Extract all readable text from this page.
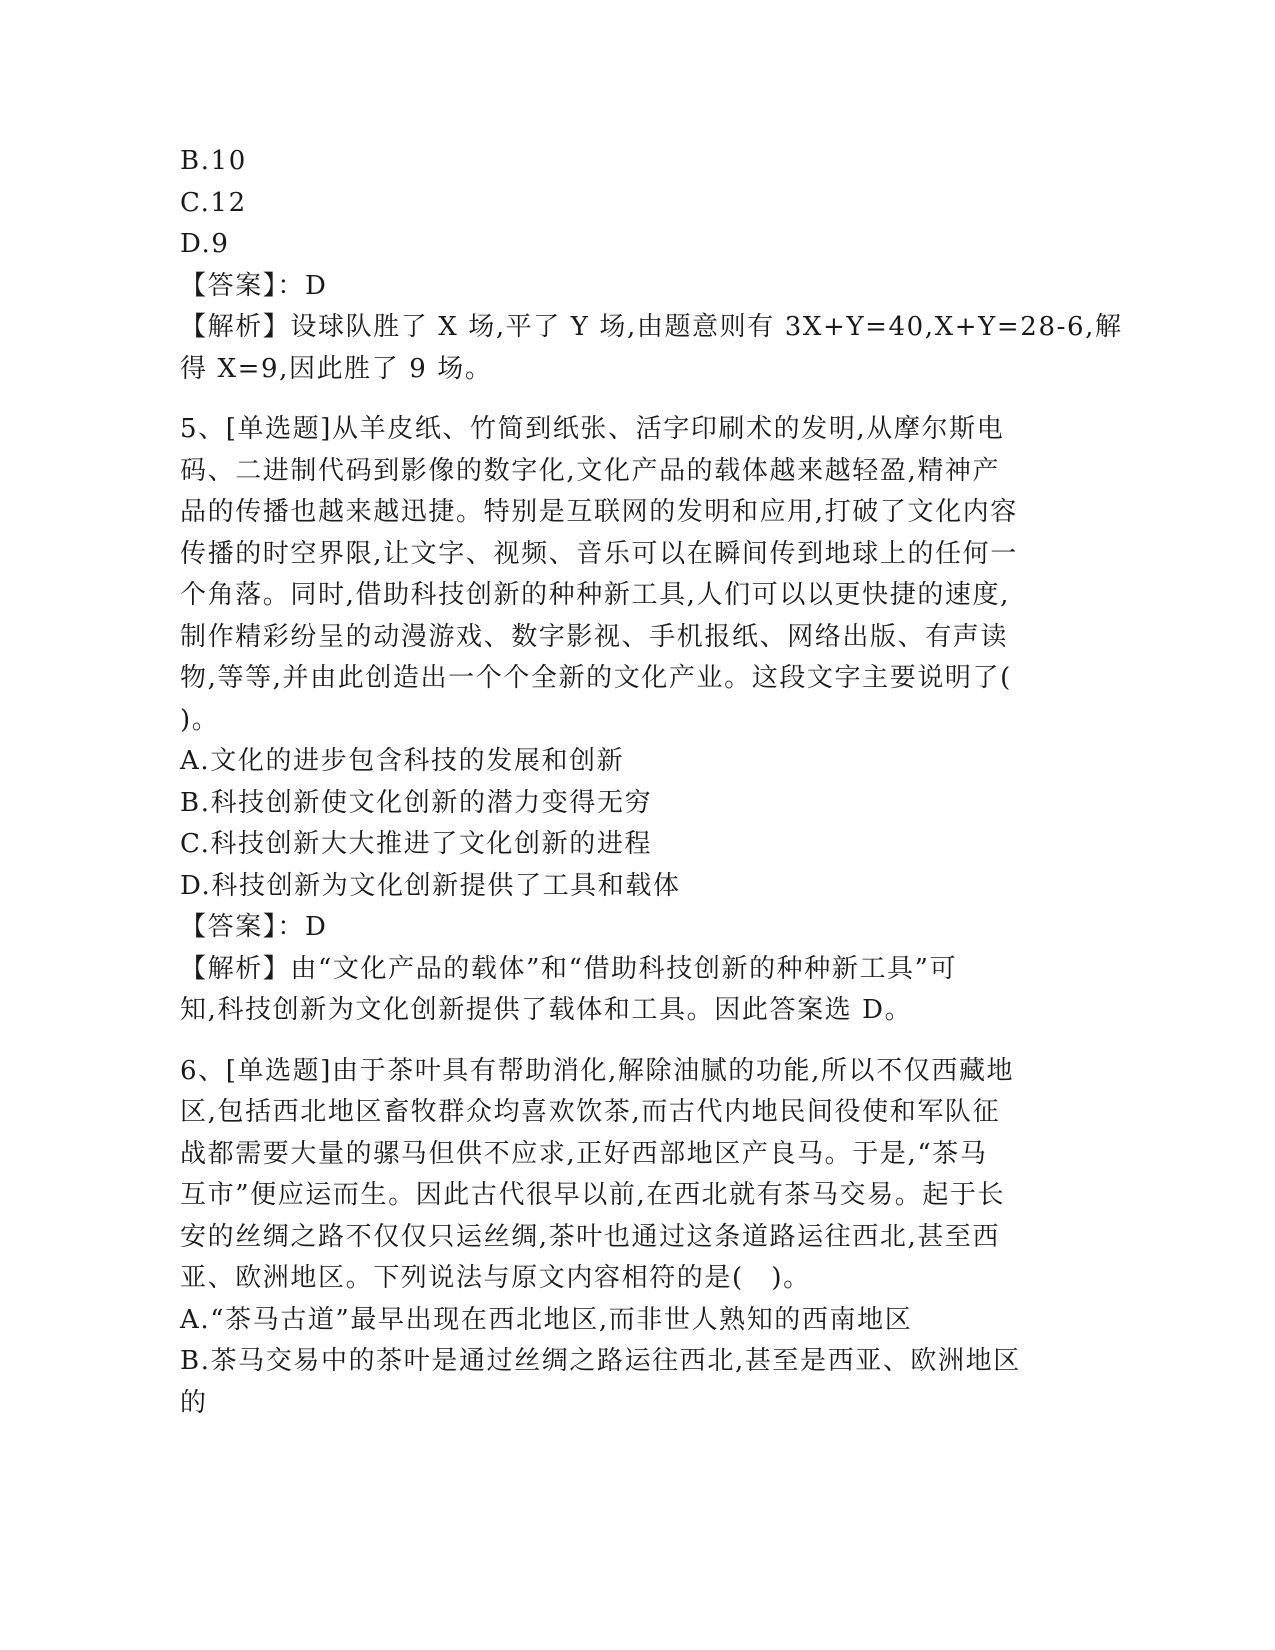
B.10
C.12
D.9
【答案】：D
【解析】设球队胜了 X 场,平了 Y 场,由题意则有 3X+Y=40,X+Y=28-6,解
得 X=9,因此胜了 9 场。
5、[单选题]从羊皮纸、竹简到纸张、活字印刷术的发明,从摩尔斯电
码、二进制代码到影像的数字化,文化产品的载体越来越轻盈,精神产
品的传播也越来越迅捷。特别是互联网的发明和应用,打破了文化内容
传播的时空界限,让文字、视频、音乐可以在瞬间传到地球上的任何一
个角落。同时,借助科技创新的种种新工具,人们可以以更快捷的速度,
制作精彩纷呈的动漫游戏、数字影视、手机报纸、网络出版、有声读
物,等等,并由此创造出一个个全新的文化产业。这段文字主要说明了(
)。
A.文化的进步包含科技的发展和创新
B.科技创新使文化创新的潜力变得无穷
C.科技创新大大推进了文化创新的进程
D.科技创新为文化创新提供了工具和载体
【答案】：D
【解析】由“文化产品的载体”和“借助科技创新的种种新工具”可
知,科技创新为文化创新提供了载体和工具。因此答案选 D。
6、[单选题]由于茶叶具有帮助消化,解除油腻的功能,所以不仅西藏地
区,包括西北地区畜牧群众均喜欢饮茶,而古代内地民间役使和军队征
战都需要大量的骡马但供不应求,正好西部地区产良马。于是,“茶马
互市”便应运而生。因此古代很早以前,在西北就有茶马交易。起于长
安的丝绸之路不仅仅只运丝绸,茶叶也通过这条道路运往西北,甚至西
亚、欧洲地区。下列说法与原文内容相符的是(　)。
A.“茶马古道”最早出现在西北地区,而非世人熟知的西南地区
B.茶马交易中的茶叶是通过丝绸之路运往西北,甚至是西亚、欧洲地区
的
